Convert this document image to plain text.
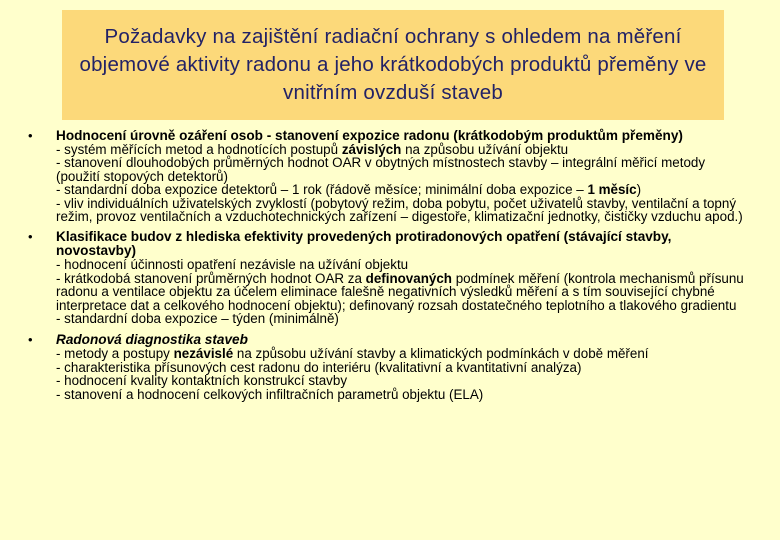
Požadavky na zajištění radiační ochrany s ohledem na měření objemové aktivity radonu a jeho krátkodobých produktů přeměny ve vnitřním ovzduší staveb
• Hodnocení úrovně ozáření osob - stanovení expozice radonu (krátkodobým produktům přeměny)
- systém měřících metod a hodnotících postupů závislých na způsobu užívání objektu
- stanovení dlouhodobých průměrných hodnot OAR v obytných místnostech stavby – integrální měřicí metody (použití stopových detektorů)
- standardní doba expozice detektorů – 1 rok (řádově měsíce; minimální doba expozice – 1 měsíc)
- vliv individuálních uživatelských zvyklostí (pobytový režim, doba pobytu, počet uživatelů stavby, ventilační a topný režim, provoz ventilačních a vzduchotechnických zařízení – digestoře, klimatizační jednotky, čističky vzduchu apod.)
• Klasifikace budov z hlediska efektivity provedených protiradonových opatření (stávající stavby, novostavby)
- hodnocení účinnosti opatření nezávisle na užívání objektu
- krátkodobá stanovení průměrných hodnot OAR za definovaných podmínek měření (kontrola mechanismů přísunu radonu a ventilace objektu za účelem eliminace falešně negativních výsledků měření a s tím související chybné interpretace dat a celkového hodnocení objektu); definovaný rozsah dostatečného teplotního a tlakového gradientu
- standardní doba expozice – týden (minimálně)
• Radonová diagnostika staveb
- metody a postupy nezávislé na způsobu užívání stavby a klimatických podmínkách v době měření
- charakteristika přísunových cest radonu do interiéru (kvalitativní a kvantitativní analýza)
- hodnocení kvality kontaktních konstrukcí stavby
- stanovení a hodnocení celkových infiltračních parametrů objektu (ELA)
